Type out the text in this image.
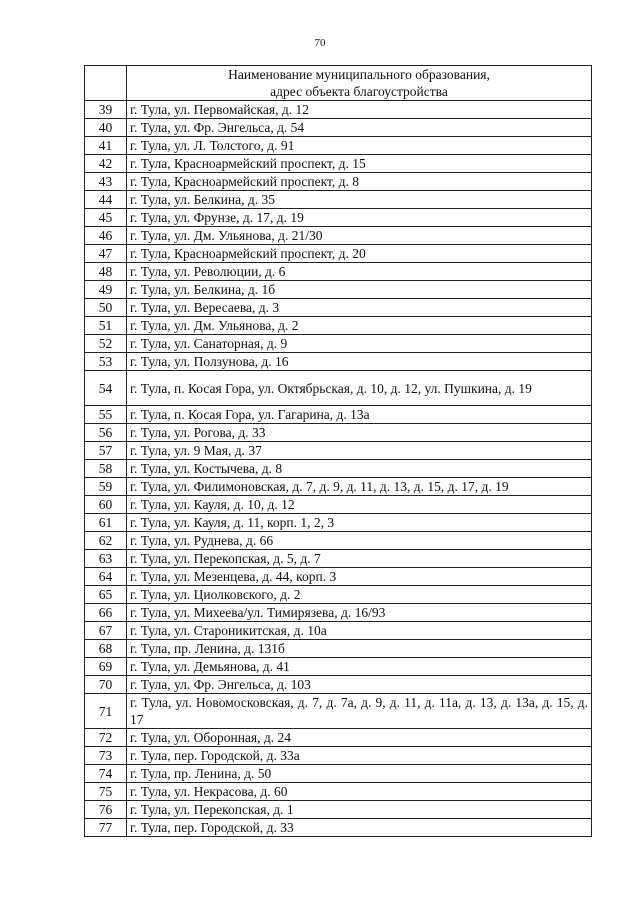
70
	Наименование муниципального образования,
адрес объекта благоустройства
39	г. Тула, ул. Первомайская, д. 12
40	г. Тула, ул. Фр. Энгельса, д. 54
41	г. Тула, ул. Л. Толстого, д. 91
42	г. Тула, Красноармейский проспект, д. 15
43	г. Тула, Красноармейский проспект, д. 8
44	г. Тула, ул. Белкина, д. 35
45	г. Тула, ул. Фрунзе, д. 17, д. 19
46	г. Тула, ул. Дм. Ульянова, д. 21/30
47	г. Тула, Красноармейский проспект, д. 20
48	г. Тула, ул. Революции, д. 6
49	г. Тула, ул. Белкина, д. 1б
50	г. Тула, ул. Вересаева, д. 3
51	г. Тула, ул. Дм. Ульянова, д. 2
52	г. Тула, ул. Санаторная, д. 9
53	г. Тула, ул. Ползунова, д. 16
54	г. Тула, п. Косая Гора, ул. Октябрьская, д. 10, д. 12, ул. Пушкина, д. 19
55	г. Тула, п. Косая Гора, ул. Гагарина, д. 13а
56	г. Тула, ул. Рогова, д. 33
57	г. Тула, ул. 9 Мая, д. 37
58	г. Тула, ул. Костычева, д. 8
59	г. Тула, ул. Филимоновская, д. 7, д. 9, д. 11, д. 13, д. 15, д. 17, д. 19
60	г. Тула, ул. Кауля, д. 10, д. 12
61	г. Тула, ул. Кауля, д. 11, корп. 1, 2, 3
62	г. Тула, ул. Руднева, д. 66
63	г. Тула, ул. Перекопская, д. 5, д. 7
64	г. Тула, ул. Мезенцева, д. 44, корп. 3
65	г. Тула, ул. Циолковского, д. 2
66	г. Тула, ул. Михеева/ул. Тимирязева, д. 16/93
67	г. Тула, ул. Староникитская, д. 10а
68	г. Тула, пр. Ленина, д. 131б
69	г. Тула, ул. Демьянова, д. 41
70	г. Тула, ул. Фр. Энгельса, д. 103
71	г. Тула, ул. Новомосковская, д. 7, д. 7а, д. 9, д. 11, д. 11а, д. 13, д. 13а, д. 15, д. 17
72	г. Тула, ул. Оборонная, д. 24
73	г. Тула, пер. Городской, д. 33а
74	г. Тула, пр. Ленина, д. 50
75	г. Тула, ул. Некрасова, д. 60
76	г. Тула, ул. Перекопская, д. 1
77	г. Тула, пер. Городской, д. 33
